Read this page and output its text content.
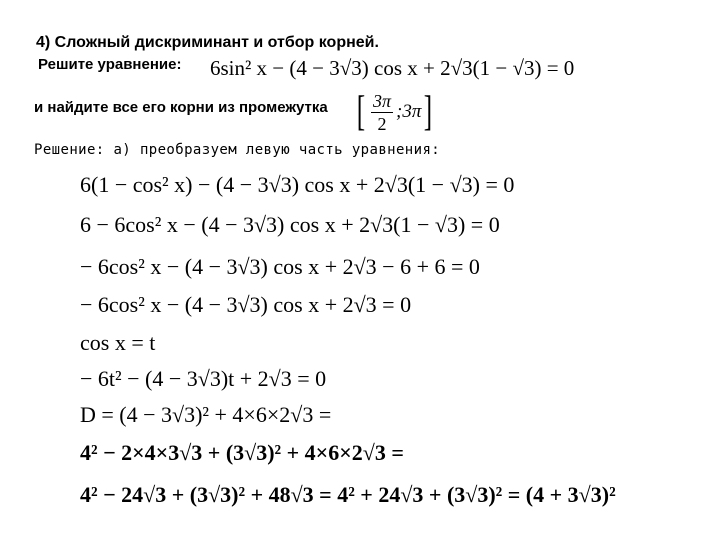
4) Сложный дискриминант и отбор корней.
Решите уравнение: 6sin² x − (4 − 3√3) cos x + 2√3(1 − √3) = 0
и найдите все его корни из промежутка [ $\frac{3\pi}{2}$ ;3π ]
Решение: а) преобразуем левую часть уравнения:
6(1 − cos² x) − (4 − 3√3) cos x + 2√3(1 − √3) = 0
6 − 6cos² x − (4 − 3√3) cos x + 2√3(1 − √3) = 0
− 6cos² x − (4 − 3√3) cos x + 2√3 − 6 + 6 = 0
− 6cos² x − (4 − 3√3) cos x + 2√3 = 0
cos x = t
− 6t² − (4 − 3√3)t + 2√3 = 0
D = (4 − 3√3)² + 4×6×2√3 =
4² − 2×4×3√3 + (3√3)² + 4×6×2√3 =
4² − 24√3 + (3√3)² + 48√3 = 4² + 24√3 + (3√3)² = (4 + 3√3)²
